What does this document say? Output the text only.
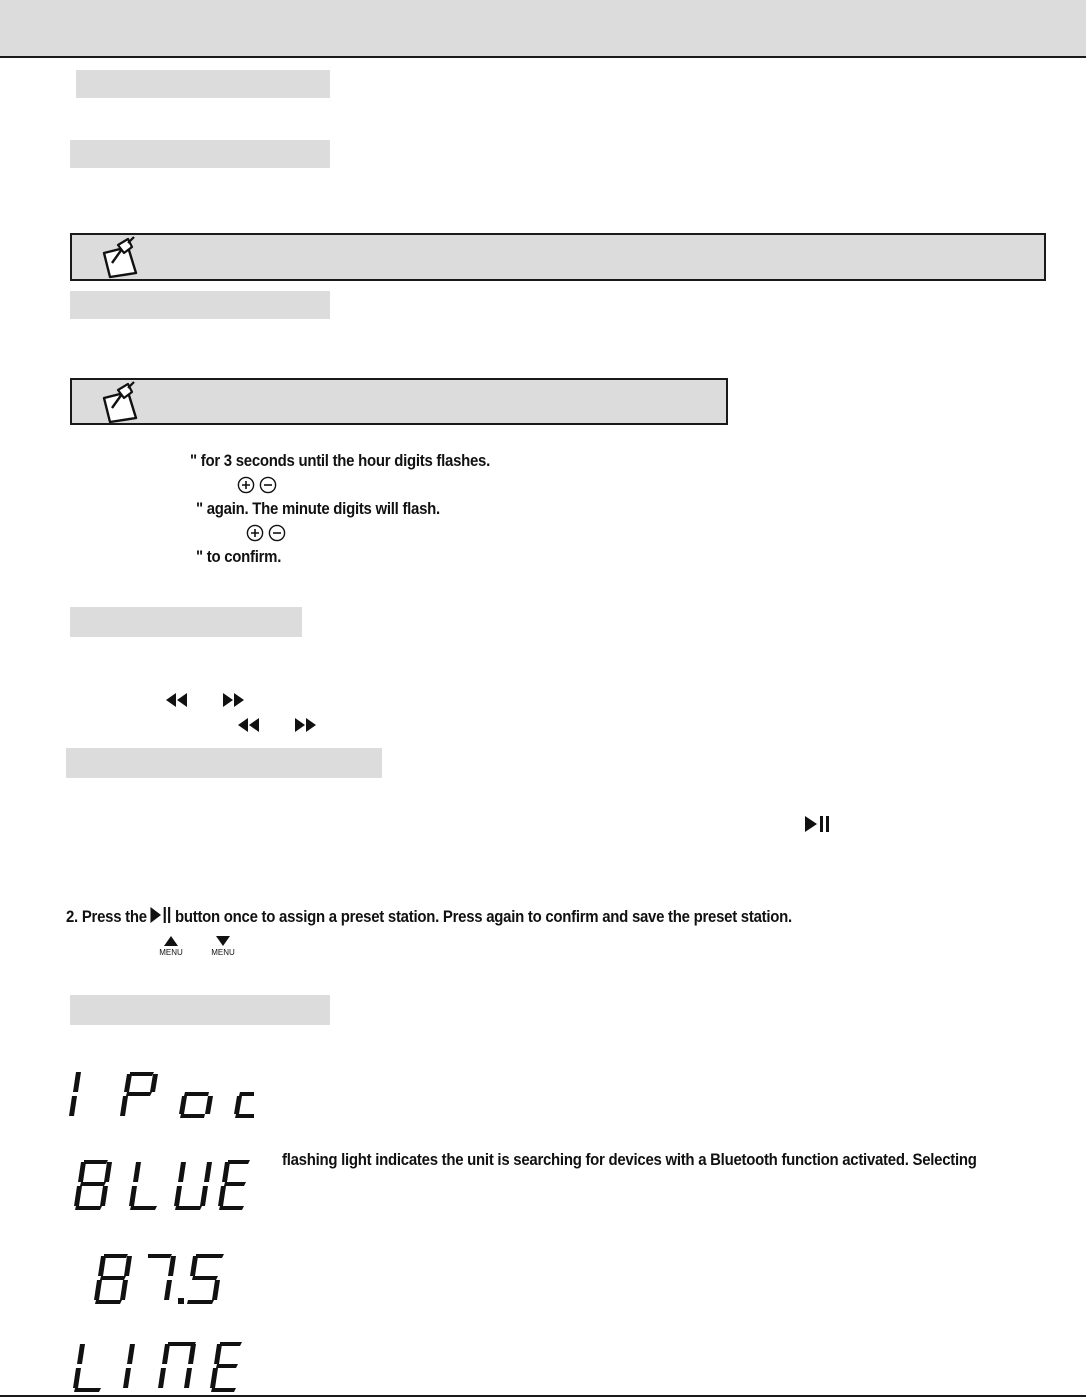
" for 3 seconds until the hour digits flashes.
" again. The minute digits will flash.
" to confirm.
2. Press the button once to assign a preset station. Press again to confirm and save the preset station.
MENU	MENU
flashing light indicates the unit is searching for devices with a Bluetooth function activated. Selecting
